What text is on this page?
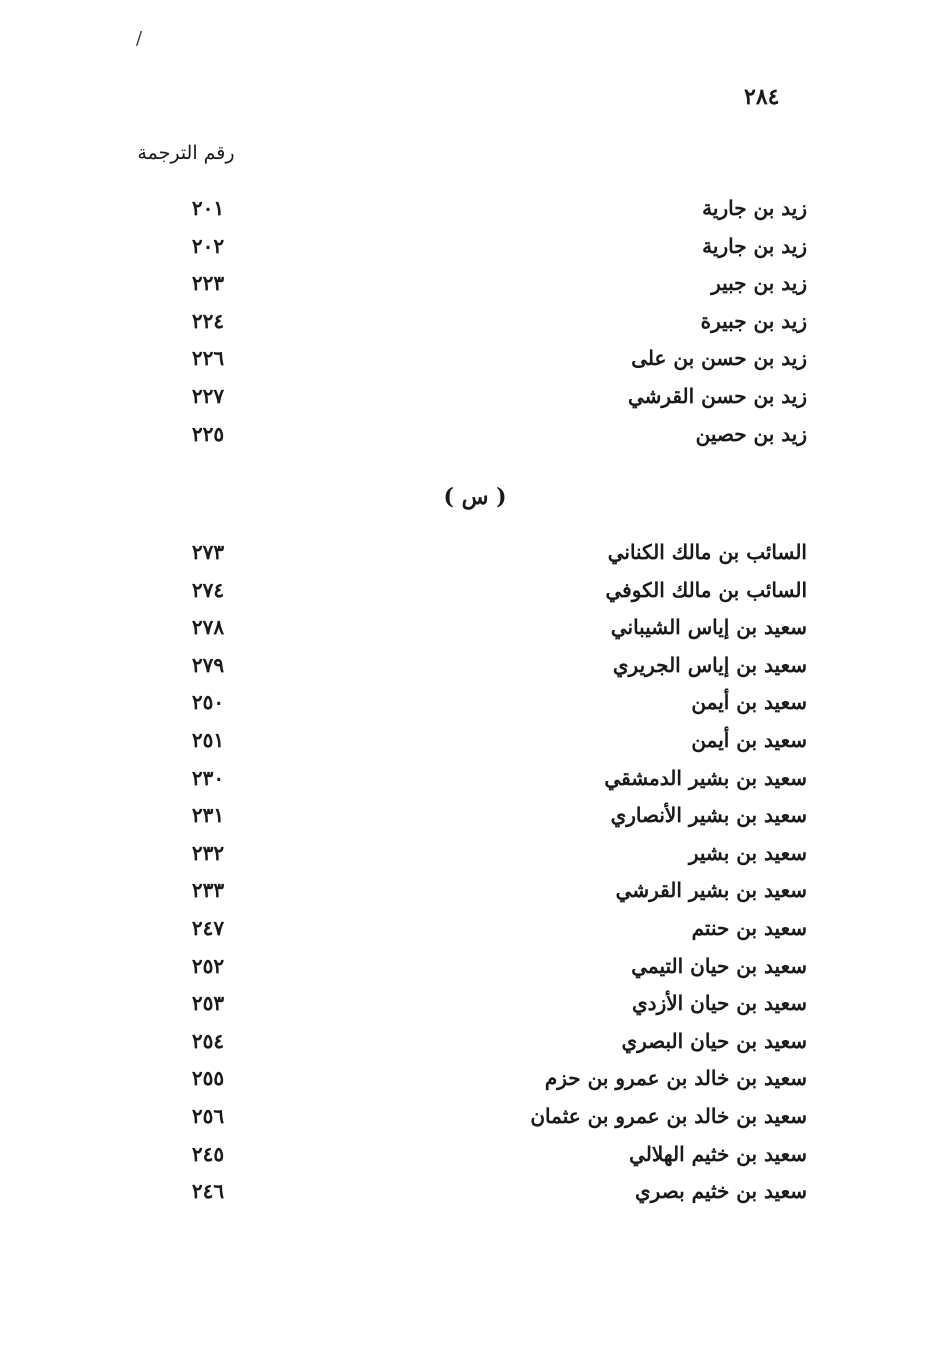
/
٢٨٤
رقم الترجمة
زيد بن جارية
٢٠١
زيد بن جارية
٢٠٢
زيد بن جبير
٢٢٣
زيد بن جبيرة
٢٢٤
زيد بن حسن بن على
٢٢٦
زيد بن حسن القرشي
٢٢٧
زيد بن حصين
٢٢٥
( س )
السائب بن مالك الكناني
٢٧٣
السائب بن مالك الكوفي
٢٧٤
سعيد بن إياس الشيباني
٢٧٨
سعيد بن إياس الجريري
٢٧٩
سعيد بن أيمن
٢٥٠
سعيد بن أيمن
٢٥١
سعيد بن بشير الدمشقي
٢٣٠
سعيد بن بشير الأنصاري
٢٣١
سعيد بن بشير
٢٣٢
سعيد بن بشير القرشي
٢٣٣
سعيد بن حنتم
٢٤٧
سعيد بن حيان التيمي
٢٥٢
سعيد بن حيان الأزدي
٢٥٣
سعيد بن حيان البصري
٢٥٤
سعيد بن خالد بن عمرو بن حزم
٢٥٥
سعيد بن خالد بن عمرو بن عثمان
٢٥٦
سعيد بن خثيم الهلالي
٢٤٥
سعيد بن خثيم بصري
٢٤٦
